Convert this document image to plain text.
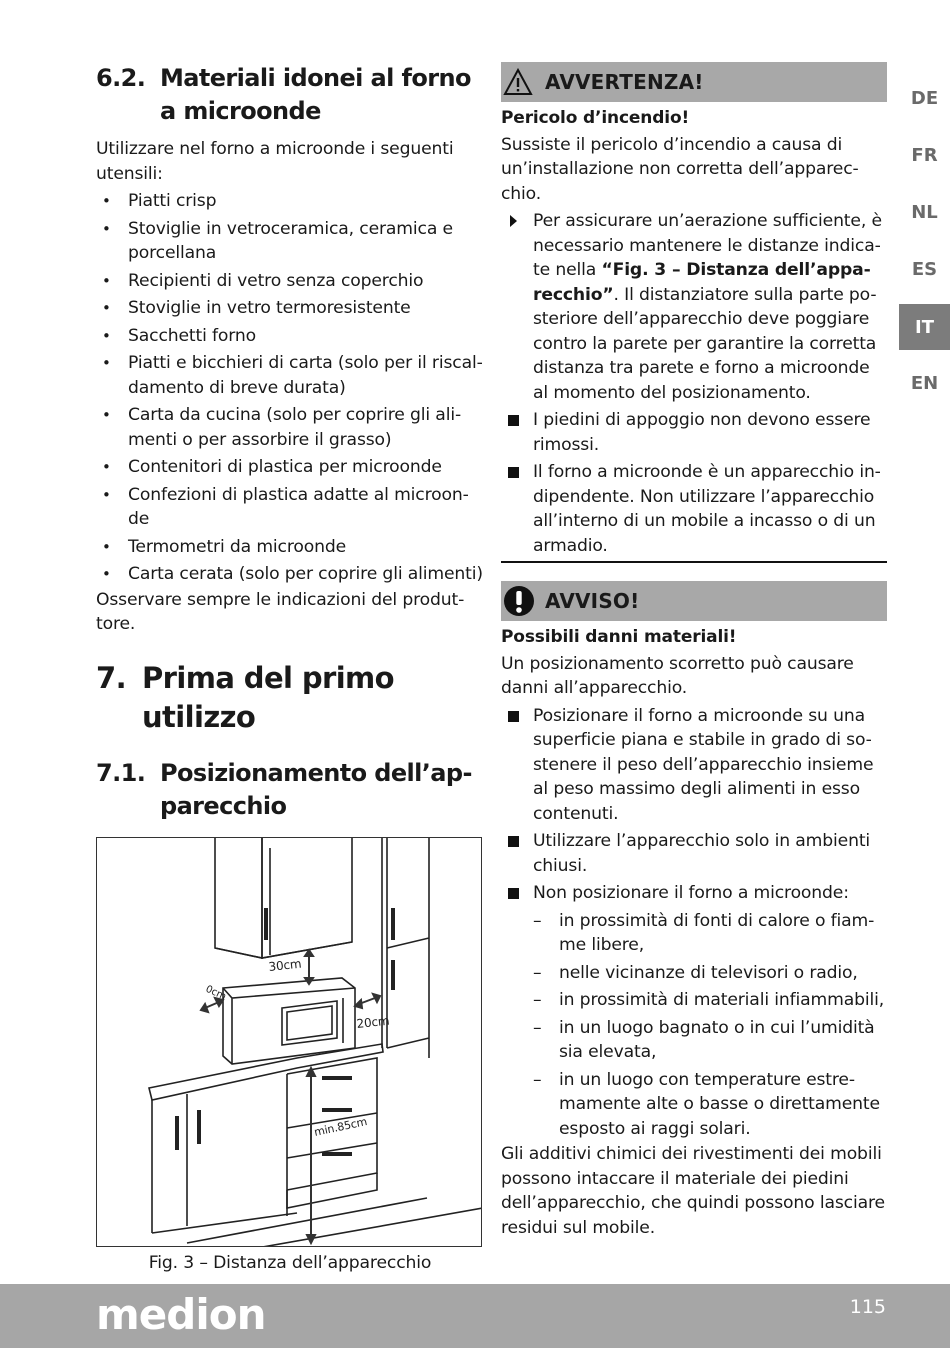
6.2. Materiali idonei al forno a microonde

Utilizzare nel forno a microonde i seguenti utensili:

• Piatti crisp
• Stoviglie in vetroceramica, ceramica e porcellana
• Recipienti di vetro senza coperchio
• Stoviglie in vetro termoresistente
• Sacchetti forno
• Piatti e bicchieri di carta (solo per il riscal-damento di breve durata)
• Carta da cucina (solo per coprire gli ali-menti o per assorbire il grasso)
• Contenitori di plastica per microonde
• Confezioni di plastica adatte al microon-de
• Termometri da microonde
• Carta cerata (solo per coprire gli alimenti)

Osservare sempre le indicazioni del produt-tore.

7. Prima del primo utilizzo
7.1. Posizionamento dell’ap-parecchio
30cm
0cm
20cm
min.85cm

Fig. 3 – Distanza dell’apparecchio

AVVERTENZA!

Pericolo d’incendio!

Sussiste il pericolo d’incendio a causa di un’installazione non corretta dell’apparec-chio.

Per assicurare un’aerazione sufficiente, è necessario mantenere le distanze indica-te nella “Fig. 3 – Distanza dell’appa-recchio”. Il distanziatore sulla parte po-steriore dell’apparecchio deve poggiare contro la parete per garantire la corretta distanza tra parete e forno a microonde al momento del posizionamento.
I piedini di appoggio non devono essere rimossi.
Il forno a microonde è un apparecchio in-dipendente. Non utilizzare l’apparecchio all’interno di un mobile a incasso o di un armadio.
AVVISO!

Possibili danni materiali!

Un posizionamento scorretto può causare danni all’apparecchio.

Posizionare il forno a microonde su una superficie piana e stabile in grado di so-stenere il peso dell’apparecchio insieme al peso massimo degli alimenti in esso contenuti.
Utilizzare l’apparecchio solo in ambienti chiusi.
Non posizionare il forno a microonde:
– in prossimità di fonti di calore o fiam-me libere,
– nelle vicinanze di televisori o radio,
– in prossimità di materiali infiammabili,
– in un luogo bagnato o in cui l’umidità sia elevata,
– in un luogo con temperature estre-mamente alte o basse o direttamente esposto ai raggi solari.

Gli additivi chimici dei rivestimenti dei mobili possono intaccare il materiale dei piedini dell’apparecchio, che quindi possono lasciare residui sul mobile.

DE
FR
NL
ES
IT
EN
medion	115
